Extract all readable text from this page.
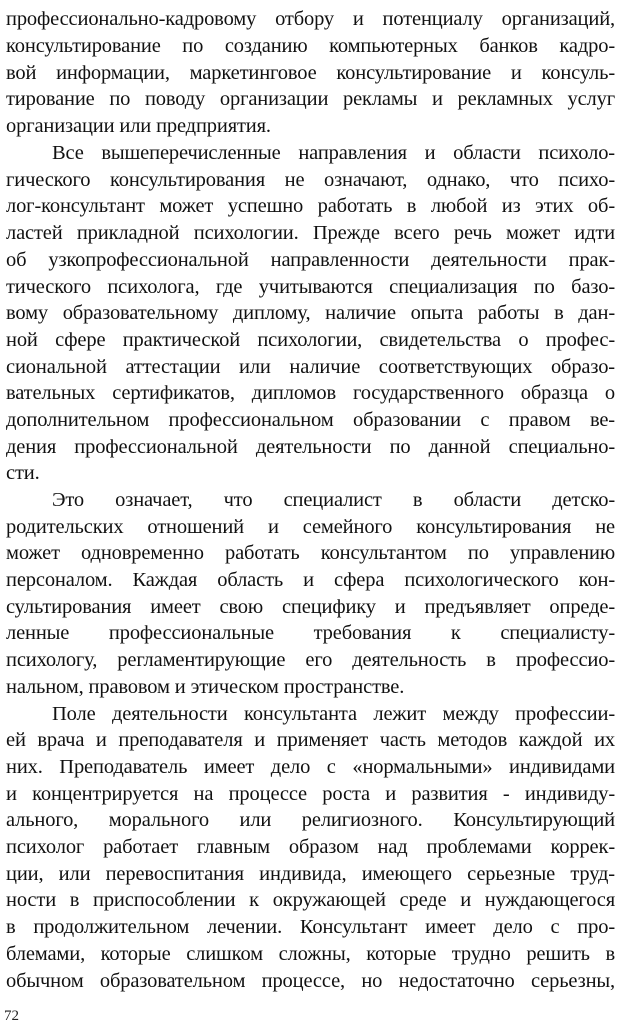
профессионально-кадровому отбору и потенциалу организаций,
консультирование по созданию компьютерных банков кадро-
вой информации, маркетинговое консультирование и консуль-
тирование по поводу организации рекламы и рекламных услуг
организации или предприятия.
Все вышеперечисленные направления и области психоло-
гического консультирования не означают, однако, что психо-
лог-консультант может успешно работать в любой из этих об-
ластей прикладной психологии. Прежде всего речь может идти
об узкопрофессиональной направленности деятельности прак-
тического психолога, где учитываются специализация по базо-
вому образовательному диплому, наличие опыта работы в дан-
ной сфере практической психологии, свидетельства о профес-
сиональной аттестации или наличие соответствующих образо-
вательных сертификатов, дипломов государственного образца о
дополнительном профессиональном образовании с правом ве-
дения профессиональной деятельности по данной специально-
сти.
Это означает, что специалист в области детско-
родительских отношений и семейного консультирования не
может одновременно работать консультантом по управлению
персоналом. Каждая область и сфера психологического кон-
сультирования имеет свою специфику и предъявляет опреде-
ленные профессиональные требования к специалисту-
психологу, регламентирующие его деятельность в профессио-
нальном, правовом и этическом пространстве.
Поле деятельности консультанта лежит между профессии-
ей врача и преподавателя и применяет часть методов каждой их
них. Преподаватель имеет дело с «нормальными» индивидами
и концентрируется на процессе роста и развития - индивиду-
ального, морального или религиозного. Консультирующий
психолог работает главным образом над проблемами коррек-
ции, или перевоспитания индивида, имеющего серьезные труд-
ности в приспособлении к окружающей среде и нуждающегося
в продолжительном лечении. Консультант имеет дело с про-
блемами, которые слишком сложны, которые трудно решить в
обычном образовательном процессе, но недостаточно серьезны,
72
